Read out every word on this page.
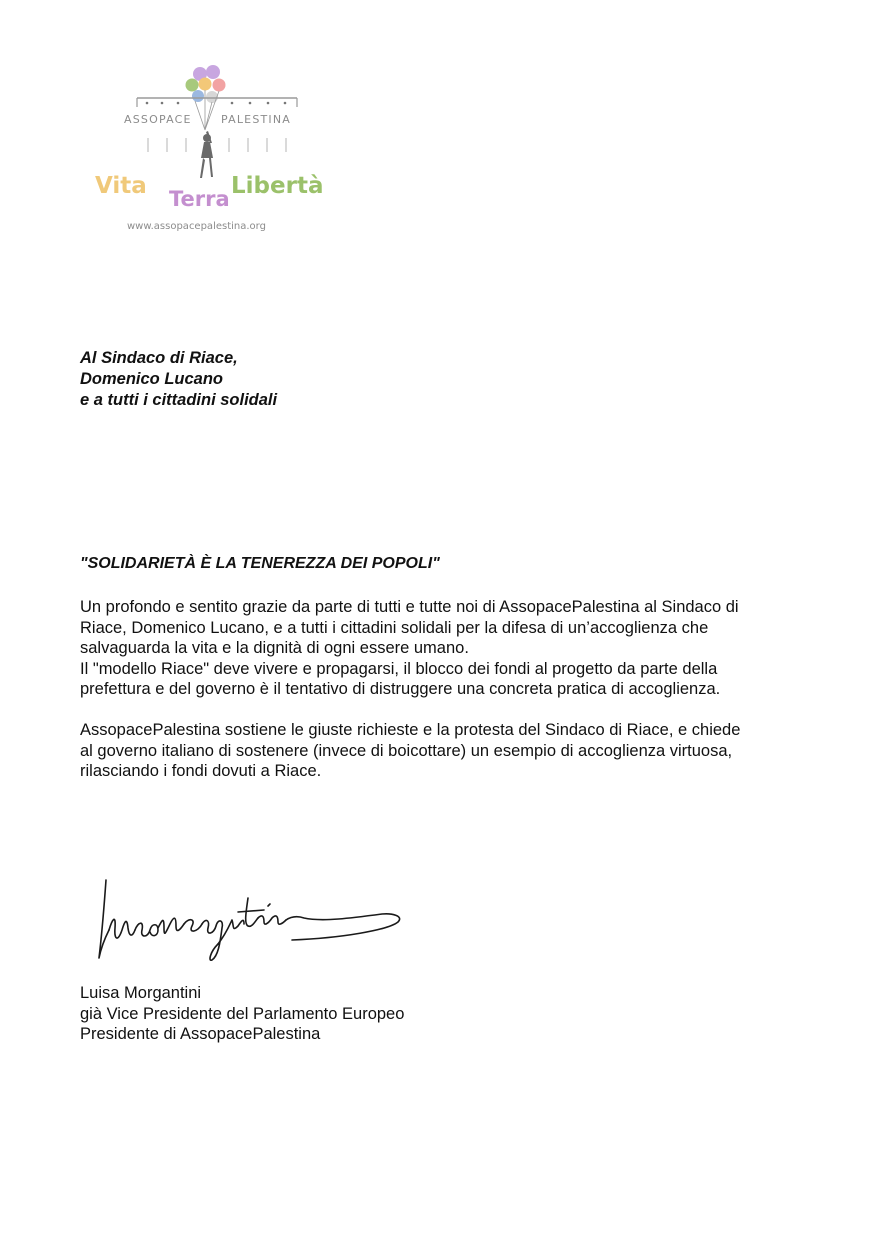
ASSOPACE	PALESTINA
Vita Terra Libertà
www.assopacepalestina.org
Al Sindaco di Riace,
Domenico Lucano
e a tutti i cittadini solidali
"SOLIDARIETÀ È LA TENEREZZA DEI POPOLI"
Un profondo e sentito grazie da parte di tutti e tutte noi di AssopacePalestina al Sindaco di
Riace, Domenico Lucano, e a tutti i cittadini solidali per la difesa di un’accoglienza che
salvaguarda la vita e la dignità di ogni essere umano.
Il "modello Riace" deve vivere e propagarsi, il blocco dei fondi al progetto da parte della
prefettura e del governo è il tentativo di distruggere una concreta pratica di accoglienza.
AssopacePalestina sostiene le giuste richieste e la protesta del Sindaco di Riace, e chiede
al governo italiano di sostenere (invece di boicottare) un esempio di accoglienza virtuosa,
rilasciando i fondi dovuti a Riace.
Luisa Morgantini
già Vice Presidente del Parlamento Europeo
Presidente di AssopacePalestina
